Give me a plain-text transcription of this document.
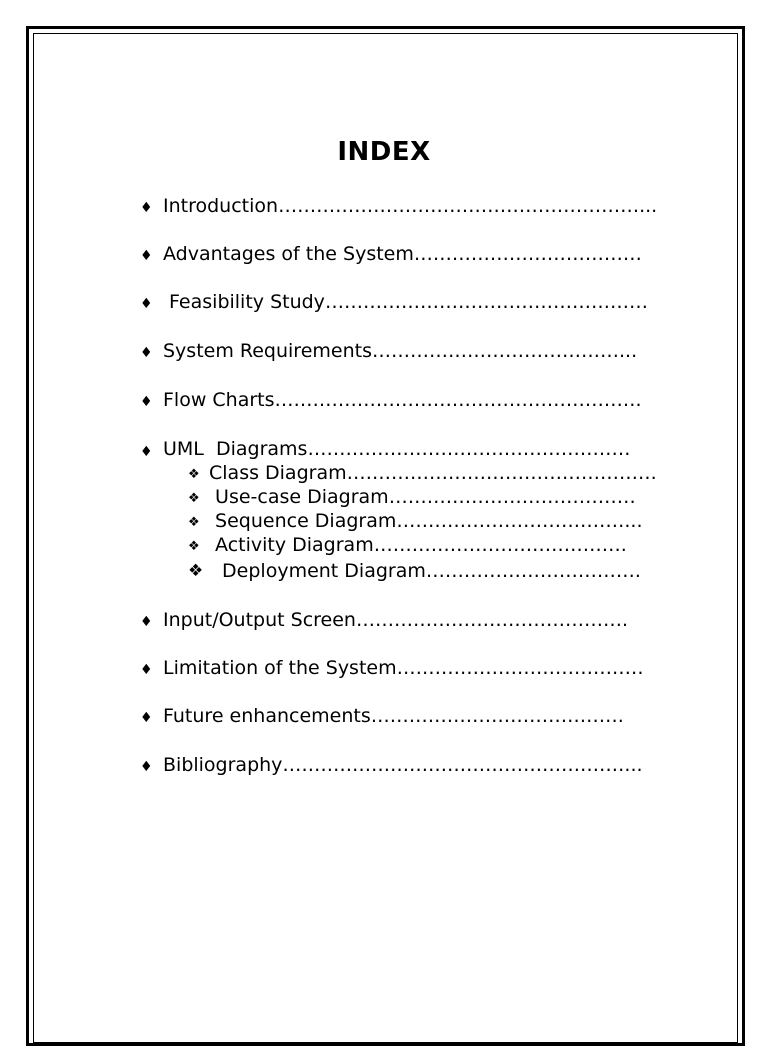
INDEX
♦ Introduction…………………………………………………...
♦ Advantages of the System………………………………
♦ Feasibility Study……………………………………………
♦ System Requirements…………………………………...
♦ Flow Charts………………………………………………….
♦ UML  Diagrams……………………………………………
❖ Class Diagram………………………………………….
❖ Use-case Diagram…………………………………
❖ Sequence Diagram………………………………...
❖ Activity Diagram………………………………….
❖ Deployment Diagram…………………………….
♦ Input/Output Screen…………………………………….
♦ Limitation of the System…………………………………
♦ Future enhancements………………………………….
♦ Bibliography………………………………………………...
